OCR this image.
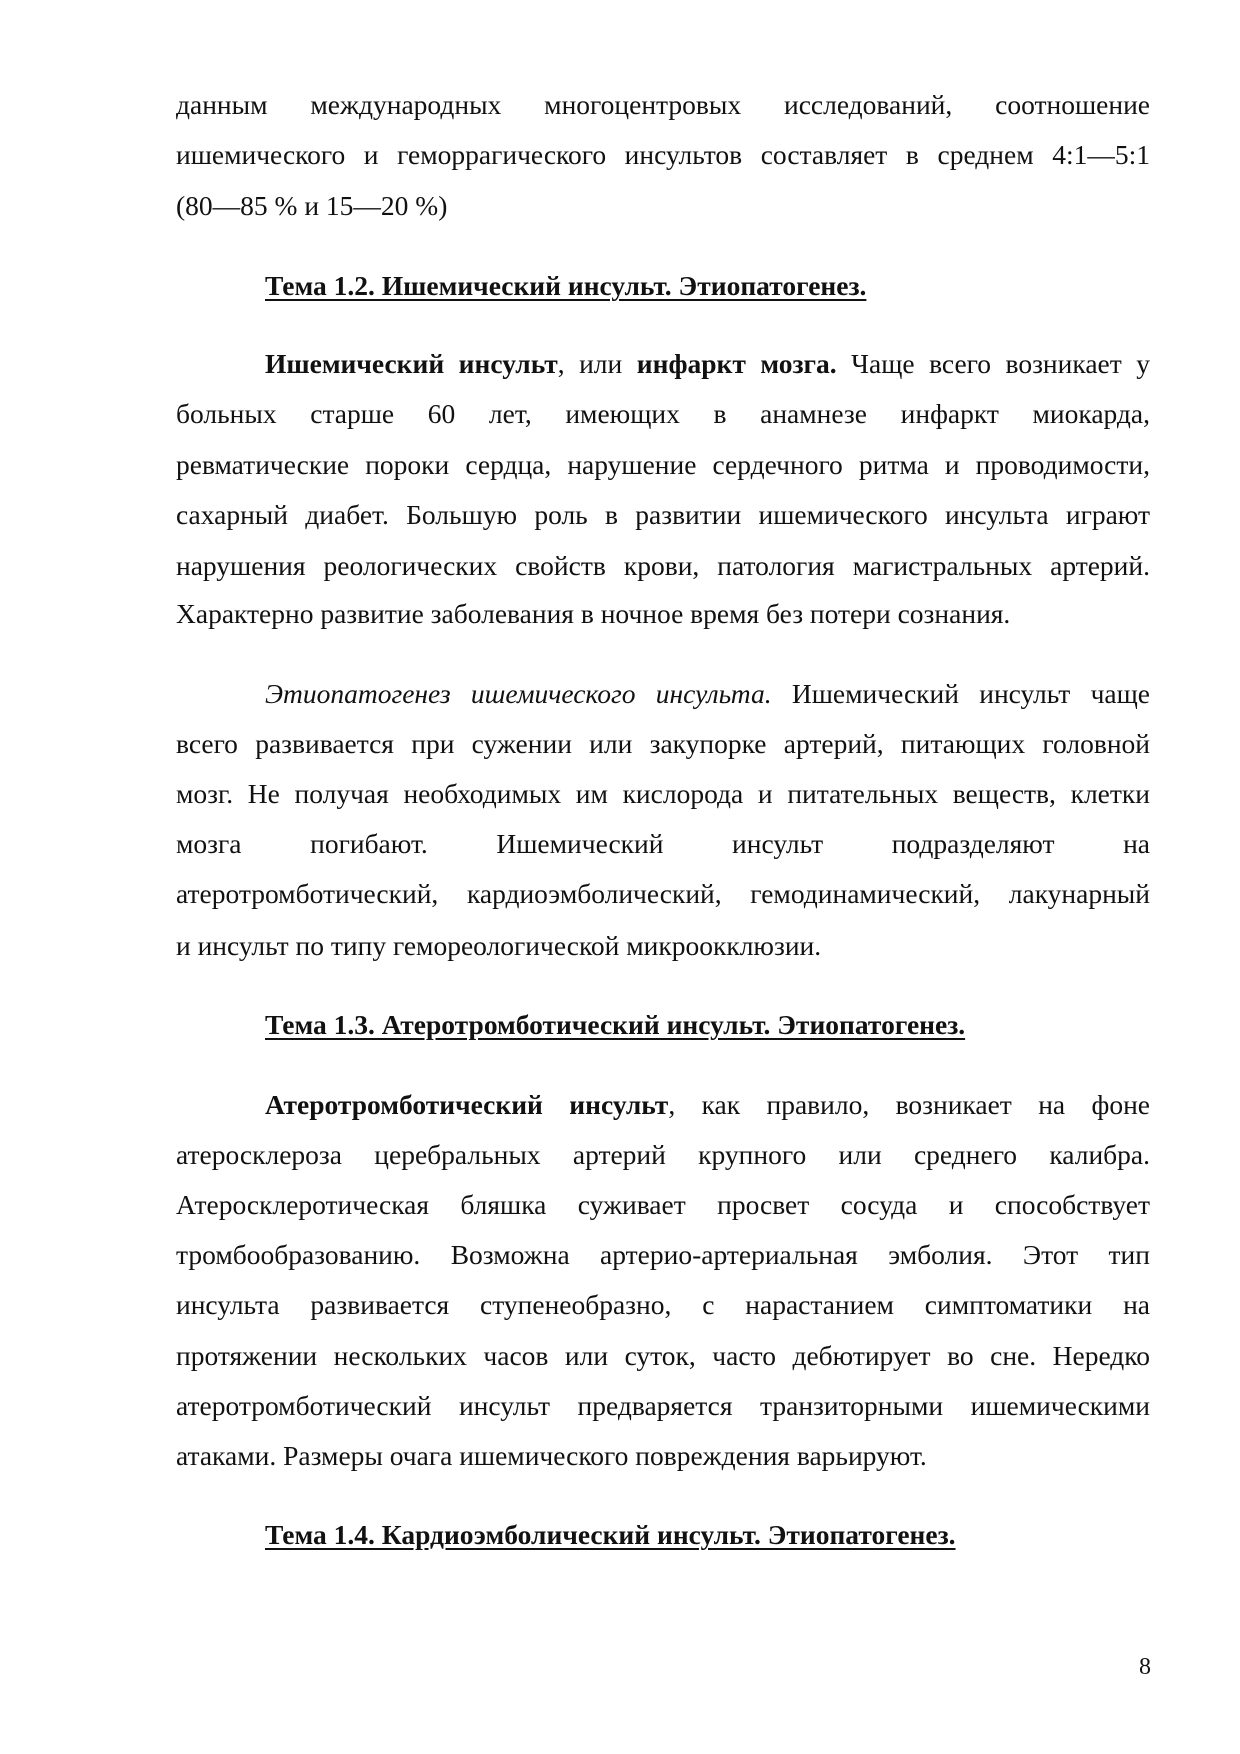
8
данным международных многоцентровых исследований, соотношение
ишемического и геморрагического инсультов составляет в среднем 4:1—5:1
(80—85 % и 15—20 %)
Тема 1.2. Ишемический инсульт. Этиопатогенез.
Ишемический инсульт, или инфаркт мозга. Чаще всего возникает у
больных старше 60 лет, имеющих в анамнезе инфаркт миокарда,
ревматические пороки сердца, нарушение сердечного ритма и проводимости,
сахарный диабет. Большую роль в развитии ишемического инсульта играют
нарушения реологических свойств крови, патология магистральных артерий.
Характерно развитие заболевания в ночное время без потери сознания.
Этиопатогенез ишемического инсульта. Ишемический инсульт чаще
всего развивается при сужении или закупорке артерий, питающих головной
мозг. Не получая необходимых им кислорода и питательных веществ, клетки
мозга погибают. Ишемический инсульт подразделяют на
атеротромботический, кардиоэмболический, гемодинамический, лакунарный
и инсульт по типу гемореологической микроокклюзии.
Тема 1.3. Атеротромботический инсульт. Этиопатогенез.
Атеротромботический инсульт, как правило, возникает на фоне
атеросклероза церебральных артерий крупного или среднего калибра.
Атеросклеротическая бляшка суживает просвет сосуда и способствует
тромбообразованию. Возможна артерио-артериальная эмболия. Этот тип
инсульта развивается ступенеобразно, с нарастанием симптоматики на
протяжении нескольких часов или суток, часто дебютирует во сне. Нередко
атеротромботический инсульт предваряется транзиторными ишемическими
атаками. Размеры очага ишемического повреждения варьируют.
Тема 1.4. Кардиоэмболический инсульт. Этиопатогенез.
